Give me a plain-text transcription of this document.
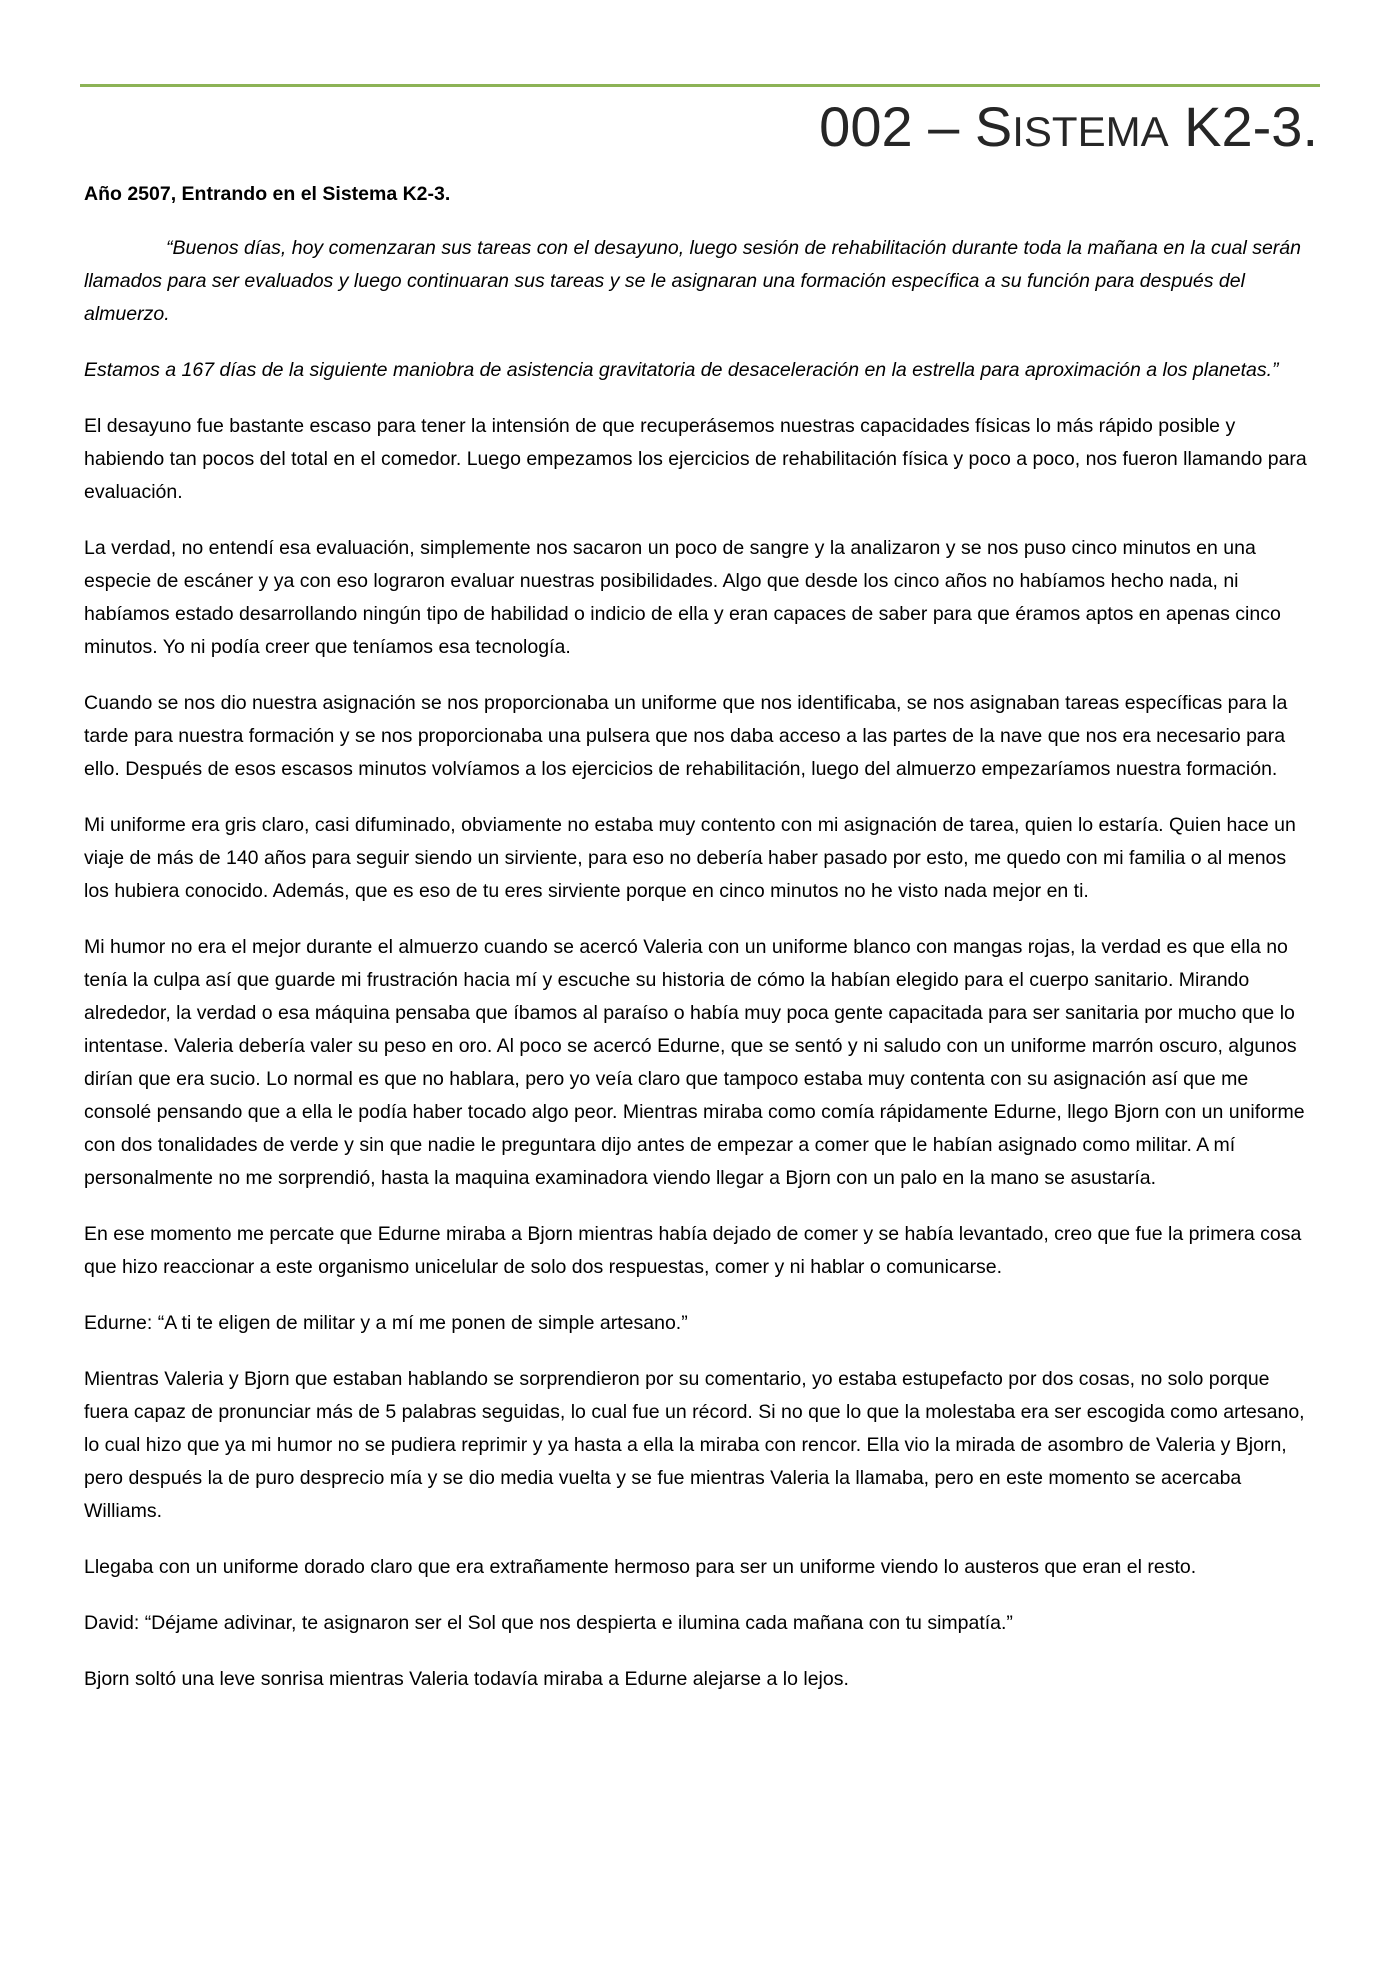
002 – SISTEMA K2-3.

Año 2507, Entrando en el Sistema K2-3.

“Buenos días, hoy comenzaran sus tareas con el desayuno, luego sesión de rehabilitación durante toda la mañana en la cual serán llamados para ser evaluados y luego continuaran sus tareas y se le asignaran una formación específica a su función para después del almuerzo.

Estamos a 167 días de la siguiente maniobra de asistencia gravitatoria de desaceleración en la estrella para aproximación a los planetas.”

El desayuno fue bastante escaso para tener la intensión de que recuperásemos nuestras capacidades físicas lo más rápido posible y habiendo tan pocos del total en el comedor. Luego empezamos los ejercicios de rehabilitación física y poco a poco, nos fueron llamando para evaluación.

La verdad, no entendí esa evaluación, simplemente nos sacaron un poco de sangre y la analizaron y se nos puso cinco minutos en una especie de escáner y ya con eso lograron evaluar nuestras posibilidades. Algo que desde los cinco años no habíamos hecho nada, ni habíamos estado desarrollando ningún tipo de habilidad o indicio de ella y eran capaces de saber para que éramos aptos en apenas cinco minutos. Yo ni podía creer que teníamos esa tecnología.

Cuando se nos dio nuestra asignación se nos proporcionaba un uniforme que nos identificaba, se nos asignaban tareas específicas para la tarde para nuestra formación y se nos proporcionaba una pulsera que nos daba acceso a las partes de la nave que nos era necesario para ello. Después de esos escasos minutos volvíamos a los ejercicios de rehabilitación, luego del almuerzo empezaríamos nuestra formación.

Mi uniforme era gris claro, casi difuminado, obviamente no estaba muy contento con mi asignación de tarea, quien lo estaría. Quien hace un viaje de más de 140 años para seguir siendo un sirviente, para eso no debería haber pasado por esto, me quedo con mi familia o al menos los hubiera conocido. Además, que es eso de tu eres sirviente porque en cinco minutos no he visto nada mejor en ti.

Mi humor no era el mejor durante el almuerzo cuando se acercó Valeria con un uniforme blanco con mangas rojas, la verdad es que ella no tenía la culpa así que guarde mi frustración hacia mí y escuche su historia de cómo la habían elegido para el cuerpo sanitario. Mirando alrededor, la verdad o esa máquina pensaba que íbamos al paraíso o había muy poca gente capacitada para ser sanitaria por mucho que lo intentase. Valeria debería valer su peso en oro. Al poco se acercó Edurne, que se sentó y ni saludo con un uniforme marrón oscuro, algunos dirían que era sucio. Lo normal es que no hablara, pero yo veía claro que tampoco estaba muy contenta con su asignación así que me consolé pensando que a ella le podía haber tocado algo peor. Mientras miraba como comía rápidamente Edurne, llego Bjorn con un uniforme con dos tonalidades de verde y sin que nadie le preguntara dijo antes de empezar a comer que le habían asignado como militar. A mí personalmente no me sorprendió, hasta la maquina examinadora viendo llegar a Bjorn con un palo en la mano se asustaría.

En ese momento me percate que Edurne miraba a Bjorn mientras había dejado de comer y se había levantado, creo que fue la primera cosa que hizo reaccionar a este organismo unicelular de solo dos respuestas, comer y ni hablar o comunicarse.

Edurne: “A ti te eligen de militar y a mí me ponen de simple artesano.”

Mientras Valeria y Bjorn que estaban hablando se sorprendieron por su comentario, yo estaba estupefacto por dos cosas, no solo porque fuera capaz de pronunciar más de 5 palabras seguidas, lo cual fue un récord. Si no que lo que la molestaba era ser escogida como artesano, lo cual hizo que ya mi humor no se pudiera reprimir y ya hasta a ella la miraba con rencor. Ella vio la mirada de asombro de Valeria y Bjorn, pero después la de puro desprecio mía y se dio media vuelta y se fue mientras Valeria la llamaba, pero en este momento se acercaba Williams.

Llegaba con un uniforme dorado claro que era extrañamente hermoso para ser un uniforme viendo lo austeros que eran el resto.

David: “Déjame adivinar, te asignaron ser el Sol que nos despierta e ilumina cada mañana con tu simpatía.”

Bjorn soltó una leve sonrisa mientras Valeria todavía miraba a Edurne alejarse a lo lejos.
